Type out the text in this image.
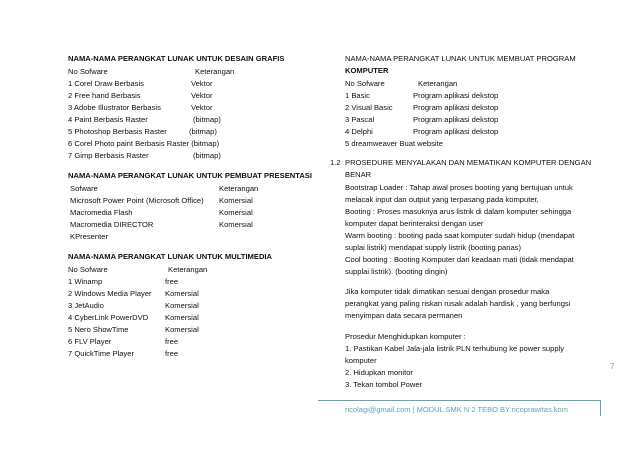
NAMA-NAMA PERANGKAT LUNAK UNTUK DESAIN GRAFIS
No Sofware	Keterangan
1 Corel Draw Berbasis	Vektor
2 Free hand Berbasis	Vektor
3 Adobe Illustrator Berbasis	Vektor
4 Paint Berbasis Raster	(bitmap)
5 Photoshop Berbasis Raster	(bitmap)
6 Corel Photo paint Berbasis Raster (bitmap)
7 Gimp Berbasis Raster	(bitmap)
NAMA-NAMA PERANGKAT LUNAK UNTUK PEMBUAT PRESENTASI
Sofware	Keterangan
Microsoft Power Point (Microsoft Office) Komersial
Macromedia Flash	Komersial
Macromedia DIRECTOR	Komersial
KPresenter
NAMA-NAMA PERANGKAT LUNAK UNTUK MULTIMEDIA
No Sofware	Keterangan
1 Winamp	free
2 Windows Media Player Komersial
3 JetAudio	Komersial
4 CyberLink PowerDVD Komersial
5 Nero ShowTime	Komersial
6 FLV Player	free
7 QuickTime Player	free
NAMA-NAMA PERANGKAT LUNAK UNTUK MEMBUAT PROGRAM
KOMPUTER
No Sofware	Keterangan
1 Basic	Program aplikasi dekstop
2 Visual Basic	Program aplikasi dekstop
3 Pascal	Program aplikasi dekstop
4 Delphi	Program aplikasi dekstop
5 dreamweaver Buat website
1.2 PROSEDURE MENYALAKAN DAN MEMATIKAN KOMPUTER DENGAN
BENAR
Bootstrap Loader : Tahap awal proses booting yang bertujuan untuk
melacak input dan output yang terpasang pada komputer,
Booting : Proses masuknya arus listrik di dalam komputer sehingga
komputer dapat berinteraksi dengan user
Warm booting : booting pada saat komputer sudah hidup (mendapat
suplai listrik) mendapat supply listrik (booting panas)
Cool booting : Booting Komputer dari keadaan mati (tidak mendapat
supplai listrik). (booting dingin)
Jika komputer tidak dimatikan sesuai dengan prosedur maka
perangkat yang paling riskan rusak adalah hardisk , yang berfungsi
menyimpan data secara permanen
Prosedur Menghidupkan komputer :
1. Pastikan Kabel Jala-jala listrik PLN terhubung ke power supply
komputer
2. Hidupkan monitor
3. Tekan tombol Power
7
ricolagi@gmail.com | MODUL SMK N 2 TEBO BY:ricoprawitas.kom
